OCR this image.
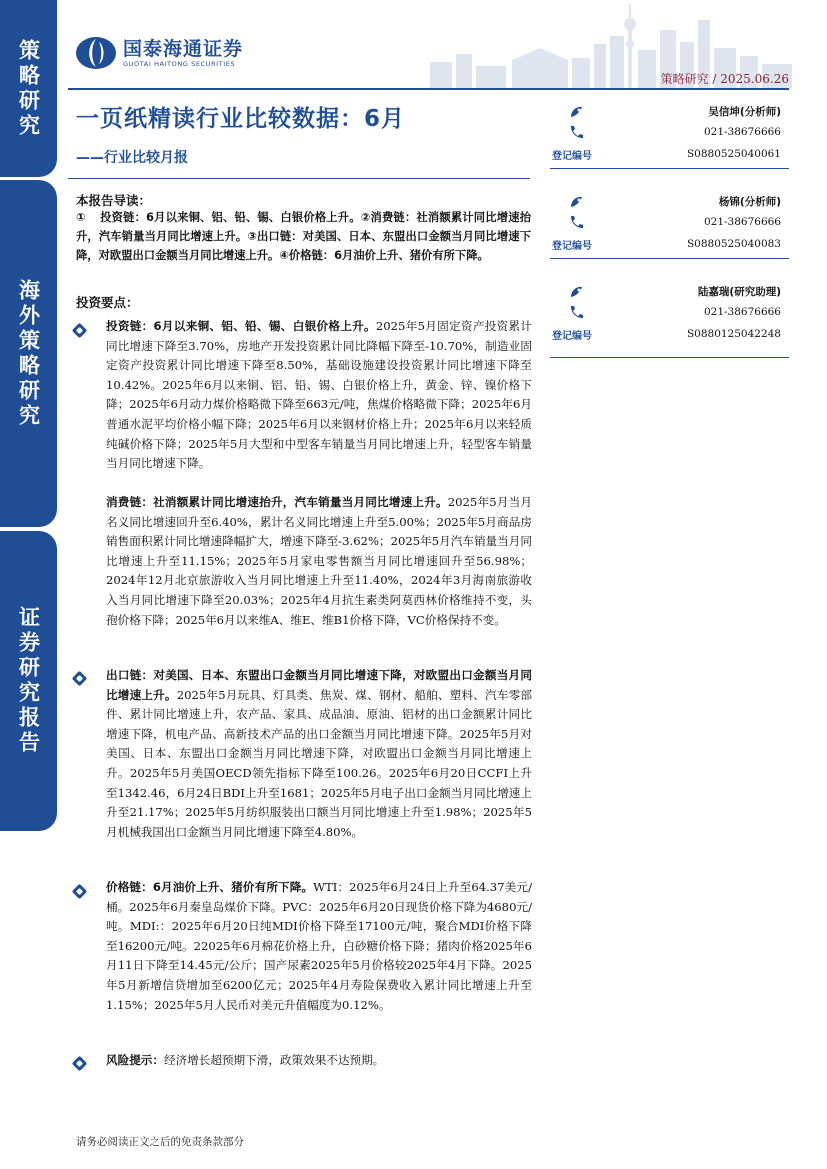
策略研究
海外策略研究
证券研究报告
国泰海通证券
GUOTAI HAITONG SECURITIES
策略研究 / 2025.06.26
一页纸精读行业比较数据：6月
——行业比较月报	登记编号
吴信坤(分析师)
021-38676666
S0880525040061
登记编号
杨锦(分析师)
021-38676666
S0880525040083
登记编号
陆嘉瑞(研究助理)
021-38676666
S0880125042248
本报告导读：
① 投资链：6月以来铜、铝、铅、锡、白银价格上升。②消费链：社消额累计同比增速抬升，汽车销量当月同比增速上升。③出口链：对美国、日本、东盟出口金额当月同比增速下降，对欧盟出口金额当月同比增速上升。④价格链：6月油价上升、猪价有所下降。
投资要点：
投资链：6月以来铜、铝、铅、锡、白银价格上升。2025年5月固定资产投资累计同比增速下降至3.70%，房地产开发投资累计同比降幅下降至-10.70%，制造业固定资产投资累计同比增速下降至8.50%，基础设施建设投资累计同比增速下降至10.42%。2025年6月以来铜、铝、铅、锡、白银价格上升，黄金、锌、镍价格下降；2025年6月动力煤价格略微下降至663元/吨，焦煤价格略微下降；2025年6月普通水泥平均价格小幅下降；2025年6月以来钢材价格上升；2025年6月以来轻质纯碱价格下降；2025年5月大型和中型客车销量当月同比增速上升，轻型客车销量当月同比增速下降。
消费链：社消额累计同比增速抬升，汽车销量当月同比增速上升。2025年5月当月名义同比增速回升至6.40%，累计名义同比增速上升至5.00%；2025年5月商品房销售面积累计同比增速降幅扩大，增速下降至-3.62%；2025年5月汽车销量当月同比增速上升至11.15%；2025年5月家电零售额当月同比增速回升至56.98%；2024年12月北京旅游收入当月同比增速上升至11.40%，2024年3月海南旅游收入当月同比增速下降至20.03%；2025年4月抗生素类阿莫西林价格维持不变，头孢价格下降；2025年6月以来维A、维E、维B1价格下降，VC价格保持不变。
出口链：对美国、日本、东盟出口金额当月同比增速下降，对欧盟出口金额当月同比增速上升。2025年5月玩具、灯具类、焦炭、煤、钢材、船舶、塑料、汽车零部件、累计同比增速上升，农产品、家具、成品油、原油、铝材的出口金额累计同比增速下降，机电产品、高新技术产品的出口金额当月同比增速下降。2025年5月对美国、日本、东盟出口金额当月同比增速下降，对欧盟出口金额当月同比增速上升。2025年5月美国OECD领先指标下降至100.26。2025年6月20日CCFI上升至1342.46，6月24日BDI上升至1681；2025年5月电子出口金额当月同比增速上升至21.17%；2025年5月纺织服装出口额当月同比增速上升至1.98%；2025年5月机械我国出口金额当月同比增速下降至4.80%。
价格链：6月油价上升、猪价有所下降。WTI：2025年6月24日上升至64.37美元/桶。2025年6月秦皇岛煤价下降。PVC：2025年6月20日现货价格下降为4680元/吨。MDI:：2025年6月20日纯MDI价格下降至17100元/吨，聚合MDI价格下降至16200元/吨。22025年6月棉花价格上升，白砂糖价格下降；猪肉价格2025年6月11日下降至14.45元/公斤；国产尿素2025年5月价格较2025年4月下降。2025年5月新增信贷增加至6200亿元；2025年4月寿险保费收入累计同比增速上升至1.15%；2025年5月人民币对美元升值幅度为0.12%。
风险提示：经济增长超预期下滑，政策效果不达预期。
请务必阅读正文之后的免责条款部分
